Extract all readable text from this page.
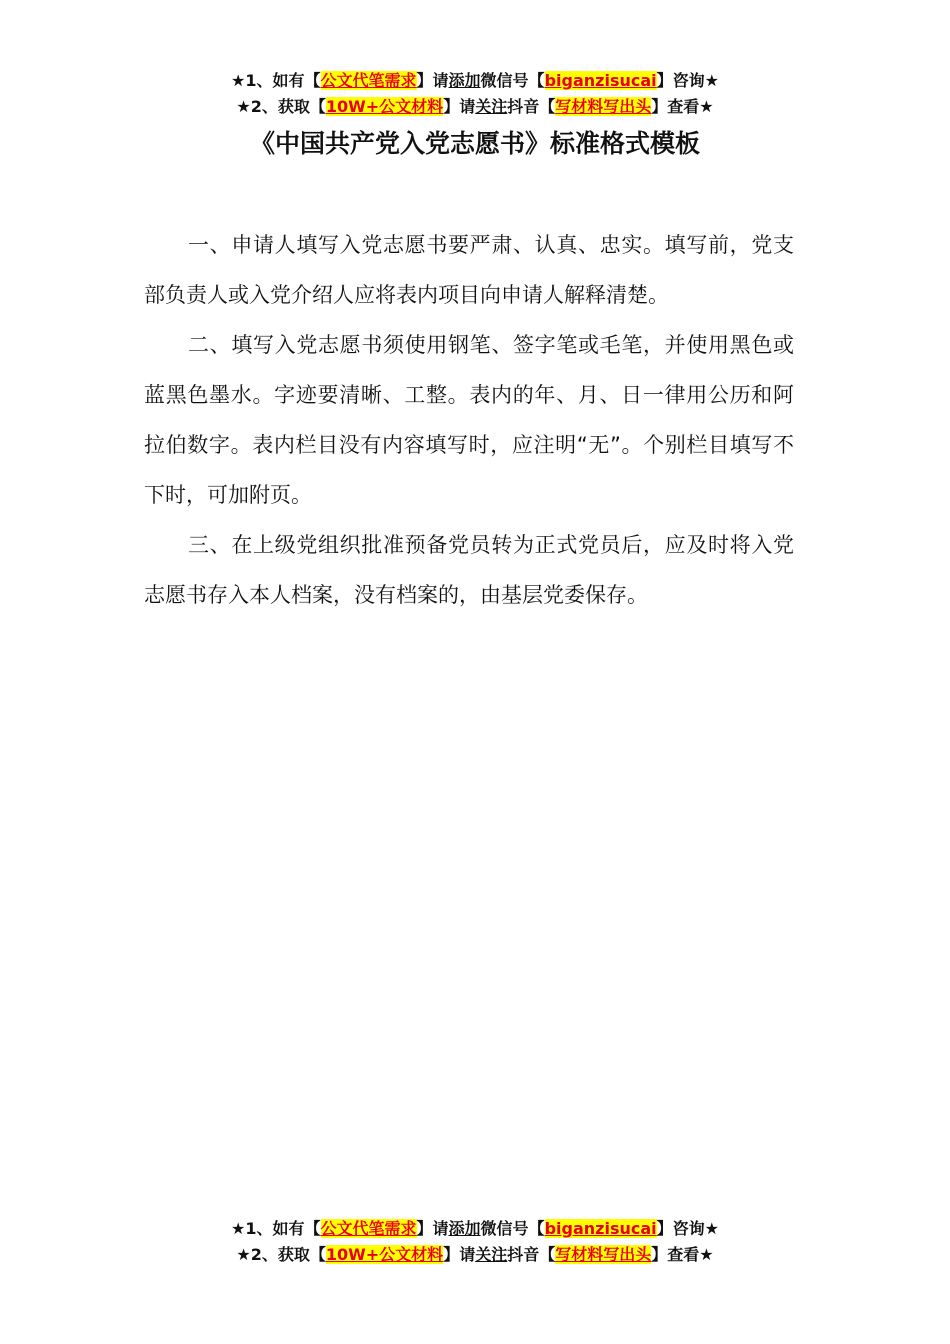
★1、如有【公文代笔需求】请添加微信号【biganzisucai】咨询★
★2、获取【10W+公文材料】请关注抖音【写材料写出头】查看★
《中国共产党入党志愿书》标准格式模板

一、申请人填写入党志愿书要严肃、认真、忠实。填写前，党支部负责人或入党介绍人应将表内项目向申请人解释清楚。

二、填写入党志愿书须使用钢笔、签字笔或毛笔，并使用黑色或蓝黑色墨水。字迹要清晰、工整。表内的年、月、日一律用公历和阿拉伯数字。表内栏目没有内容填写时，应注明“无”。个别栏目填写不下时，可加附页。

三、在上级党组织批准预备党员转为正式党员后，应及时将入党志愿书存入本人档案，没有档案的，由基层党委保存。

★1、如有【公文代笔需求】请添加微信号【biganzisucai】咨询★
★2、获取【10W+公文材料】请关注抖音【写材料写出头】查看★
